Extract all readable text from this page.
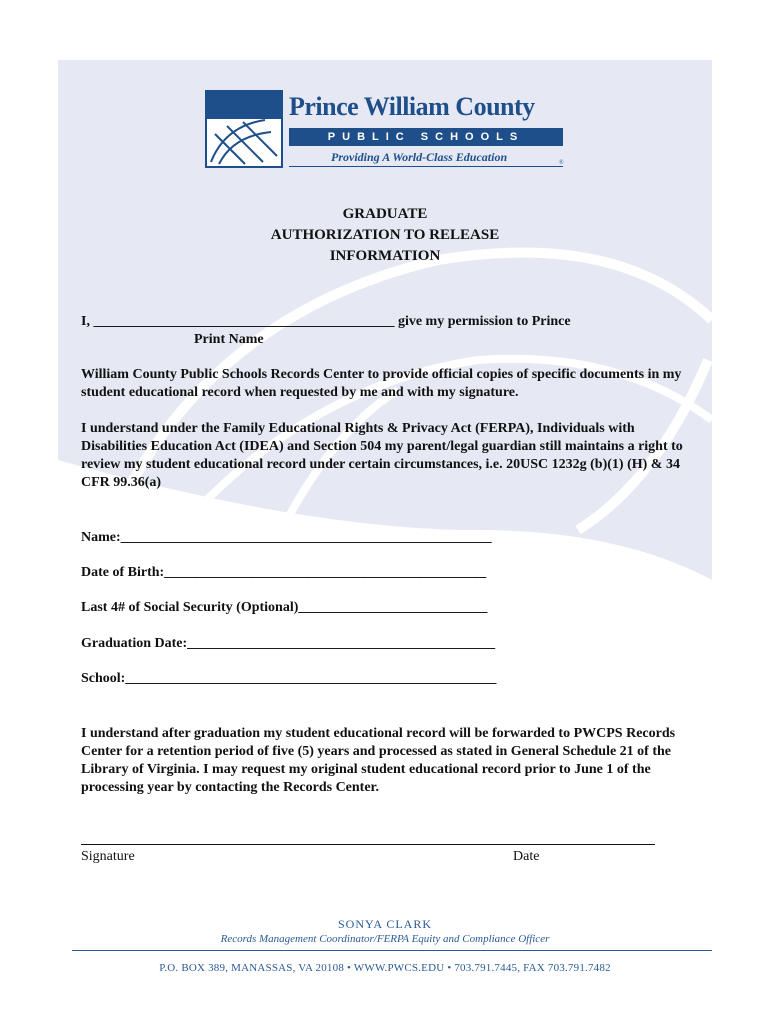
Prince William County
PUBLIC SCHOOLS
Providing A World-Class Education	®
GRADUATE
AUTHORIZATION TO RELEASE
INFORMATION
I, ___________________________________________ give my permission to Prince
Print Name
William County Public Schools Records Center to provide official copies of specific documents in my student educational record when requested by me and with my signature.
I understand under the Family Educational Rights & Privacy Act (FERPA), Individuals with Disabilities Education Act (IDEA) and Section 504 my parent/legal guardian still maintains a right to review my student educational record under certain circumstances, i.e. 20USC 1232g (b)(1) (H) & 34 CFR 99.36(a)
Name:_____________________________________________________
Date of Birth:______________________________________________
Last 4# of Social Security (Optional)___________________________
Graduation Date:____________________________________________
School:_____________________________________________________
I understand after graduation my student educational record will be forwarded to PWCPS Records Center for a retention period of five (5) years and processed as stated in General Schedule 21 of the Library of Virginia. I may request my original student educational record prior to June 1 of the processing year by contacting the Records Center.
Signature	Date
SONYA CLARK
Records Management Coordinator/FERPA Equity and Compliance Officer
P.O. BOX 389, MANASSAS, VA 20108 • WWW.PWCS.EDU • 703.791.7445, FAX 703.791.7482
